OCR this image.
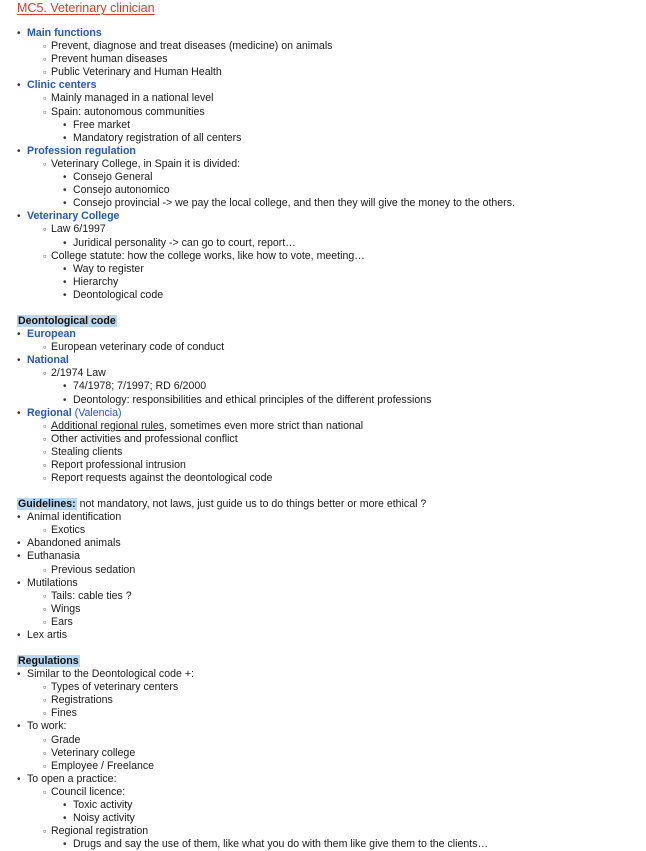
MC5. Veterinary clinician
• Main functions
▫ Prevent, diagnose and treat diseases (medicine) on animals
▫ Prevent human diseases
▫ Public Veterinary and Human Health
• Clinic centers
▫ Mainly managed in a national level
▫ Spain: autonomous communities
• Free market
• Mandatory registration of all centers
• Profession regulation
▫ Veterinary College, in Spain it is divided:
• Consejo General
• Consejo autonomico
• Consejo provincial -> we pay the local college, and then they will give the money to the others.
• Veterinary College
▫ Law 6/1997
• Juridical personality -> can go to court, report…
▫ College statute: how the college works, like how to vote, meeting…
• Way to register
• Hierarchy
• Deontological code
Deontological code
• European
▫ European veterinary code of conduct
• National
▫ 2/1974 Law
• 74/1978; 7/1997; RD 6/2000
• Deontology: responsibilities and ethical principles of the different professions
• Regional (Valencia)
▫ Additional regional rules, sometimes even more strict than national
▫ Other activities and professional conflict
▫ Stealing clients
▫ Report professional intrusion
▫ Report requests against the deontological code
Guidelines: not mandatory, not laws, just guide us to do things better or more ethical ?
• Animal identification
▫ Exotics
• Abandoned animals
• Euthanasia
▫ Previous sedation
• Mutilations
▫ Tails: cable ties ?
▫ Wings
▫ Ears
• Lex artis
Regulations
• Similar to the Deontological code +:
▫ Types of veterinary centers
▫ Registrations
▫ Fines
• To work:
▫ Grade
▫ Veterinary college
▫ Employee / Freelance
• To open a practice:
▫ Council licence:
• Toxic activity
• Noisy activity
▫ Regional registration
• Drugs and say the use of them, like what you do with them like give them to the clients…
